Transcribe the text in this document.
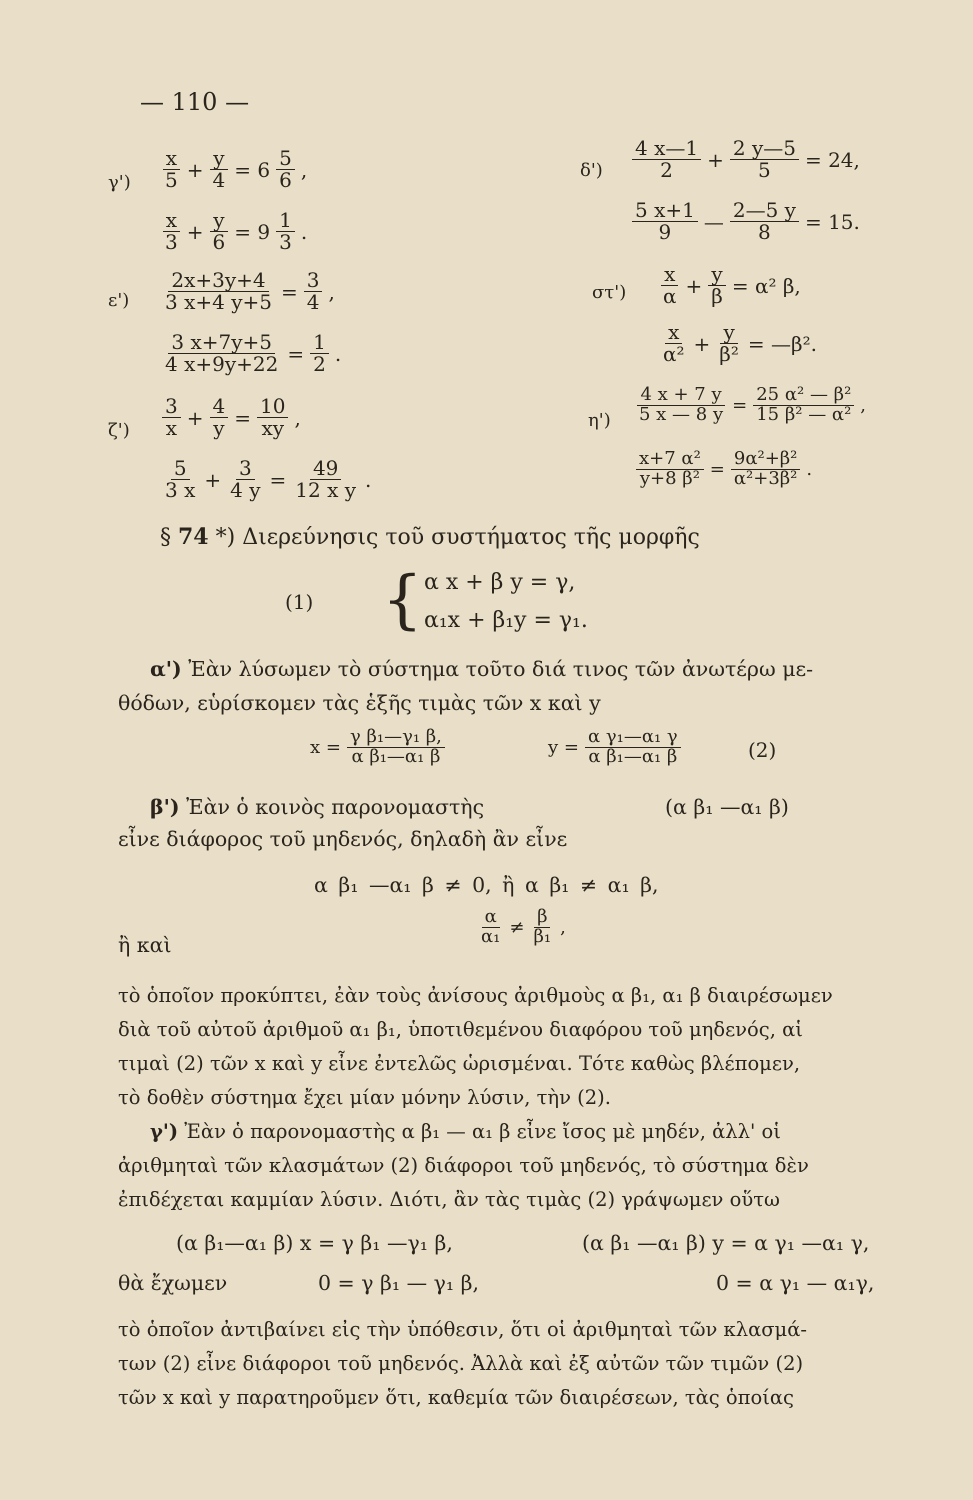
— 110 —
$\gamma') \frac{x}{5} + \frac{y}{4} = 6 \frac{5}{6}$ ,
$\frac{x}{3} + \frac{y}{6} = 9 \frac{1}{3}$ .
$\varepsilon') \frac{2x+3y+4}{3 x+4 y+5} = \frac{3}{4}$ ,
$\frac{3 x+7y+5}{4 x+9y+22} = \frac{1}{2}$ .
$\zeta') \frac{3}{x} + \frac{4}{y} = \frac{10}{xy}$ ,
$\frac{5}{3 x} + \frac{3}{4 y} = \frac{49}{\text{12 x y}}$ .
$\delta') \frac{4 x—1}{2} + \frac{2 y—5}{5} = 24$,
$\frac{5 x+1}{9}$ — $\frac{2—5 y}{8} = 15$.
$\sigma\tau') \frac{x}{\alpha} + \frac{y}{\beta} = \alpha^2$ β,
$\frac{x}{\text{α²}} + \frac{y}{\text{β²}}$ = —β².
$\eta') \frac{4 x + 7 y}{5 x — 8 y} = \frac{\text{25 α² — β²}}{\text{15 β² — α²}}$ ,
$\frac{\text{x+7 α²}}{\text{y+8 β²}} = \frac{\text{9α²+β²}}{\text{α²+3β²}}$ .
§ 74 *) Διερεύνησις τοῦ συστήματος τῆς μορφῆς
(1) { α x + β y = γ,
α₁x + β₁y = γ₁.
α') Ἐὰν λύσωμεν τὸ σύστημα τοῦτο διά τινος τῶν ἀνωτέρω με-
θόδων, εὑρίσκομεν τὰς ἑξῆς τιμὰς τῶν x καὶ y
$x = \frac{\text{γ β₁—γ₁ β,}}{\text{α β₁—α₁ β}}$	$y = \frac{\text{α γ₁—α₁ γ}}{\text{α β₁—α₁ β}}$	(2)
β') Ἐὰν ὁ κοινὸς παρονομαστὴς	(α β₁ —α₁ β)
εἶνε διάφορος τοῦ μηδενός, δηλαδὴ ἂν εἶνε
α β₁ —α₁ β ≠ 0, ἢ α β₁ ≠ α₁ β,
ἢ καὶ	$\frac{\alpha}{\text{α₁}} \ne \frac{\beta}{\text{β₁}}$ ,
τὸ ὁποῖον προκύπτει, ἐὰν τοὺς ἀνίσους ἀριθμοὺς α β₁, α₁ β διαιρέσωμεν
διὰ τοῦ αὐτοῦ ἀριθμοῦ α₁ β₁, ὑποτιθεμένου διαφόρου τοῦ μηδενός, αἱ
τιμαὶ (2) τῶν x καὶ y εἶνε ἐντελῶς ὡρισμέναι. Τότε καθὼς βλέπομεν,
τὸ δοθὲν σύστημα ἔχει μίαν μόνην λύσιν, τὴν (2).
γ') Ἐὰν ὁ παρονομαστὴς α β₁ — α₁ β εἶνε ἴσος μὲ μηδέν, ἀλλ' οἱ
ἀριθμηταὶ τῶν κλασμάτων (2) διάφοροι τοῦ μηδενός, τὸ σύστημα δὲν
ἐπιδέχεται καμμίαν λύσιν. Διότι, ἂν τὰς τιμὰς (2) γράψωμεν οὕτω
(α β₁—α₁ β) x = γ β₁ —γ₁ β,	(α β₁ —α₁ β) y = α γ₁ —α₁ γ,
θὰ ἔχωμεν	0 = γ β₁ — γ₁ β,	0 = α γ₁ — α₁γ,
τὸ ὁποῖον ἀντιβαίνει εἰς τὴν ὑπόθεσιν, ὅτι οἱ ἀριθμηταὶ τῶν κλασμά-
των (2) εἶνε διάφοροι τοῦ μηδενός. Ἀλλὰ καὶ ἐξ αὐτῶν τῶν τιμῶν (2)
τῶν x καὶ y παρατηροῦμεν ὅτι, καθεμία τῶν διαιρέσεων, τὰς ὁποίας
